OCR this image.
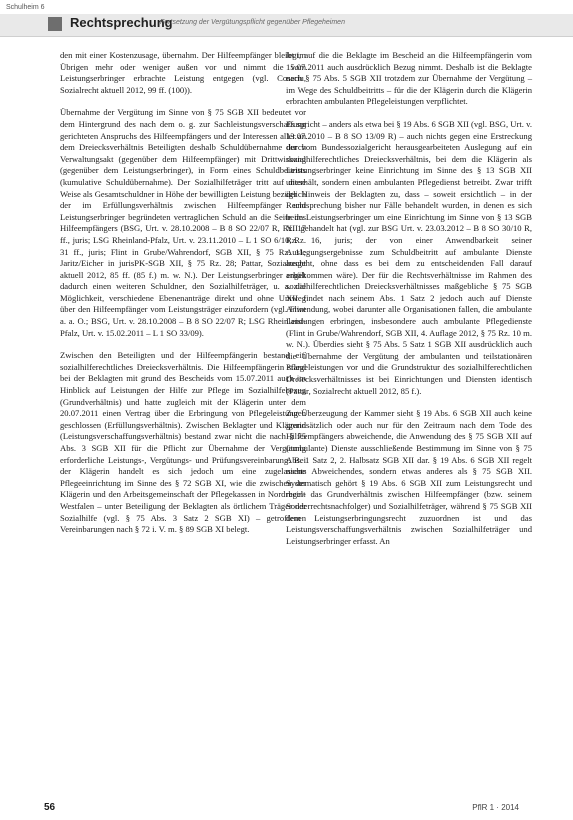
Schulheim 6
Rechtsprechung
Fortsetzung der Vergütungspflicht gegenüber Pflegeheimen

den mit einer Kostenzusage, übernahm. Der Hilfeempfänger bleibt im Übrigen mehr oder weniger außen vor und nimmt die vom Leistungserbringer erbrachte Leistung entgegen (vgl. Coseriu, Sozialrecht aktuell 2012, 99 ff. (100)).

Übernahme der Vergütung im Sinne von § 75 SGB XII bedeutet vor dem Hintergrund des nach dem o. g. zur Sachleistungsverschaffung gerichteten Anspruchs des Hilfeempfängers und der Interessen aller an dem Dreiecksverhältnis Beteiligten deshalb Schuldübernahme durch Verwaltungsakt (gegenüber dem Hilfeempfänger) mit Drittwirkung (gegenüber dem Leistungserbringer), in Form eines Schuldbeitritts (kumulative Schuldübernahme). Der Sozialhilfeträger tritt auf diese Weise als Gesamtschuldner in Höhe der bewilligten Leistung bezüglich der im Erfüllungsverhältnis zwischen Hilfeempfänger und Leistungserbringer begründeten vertraglichen Schuld an die Seite des Hilfeempfängers (BSG, Urt. v. 28.10.2008 – B 8 SO 22/07 R, Rz. 17 ff., juris; LSG Rheinland-Pfalz, Urt. v. 23.11.2010 – L 1 SO 6/10, Rz. 31 ff., juris; Flint in Grube/Wahrendorf, SGB XII, § 75 Rz. 11; Jaritz/Eicher in jurisPK-SGB XII, § 75 Rz. 28; Pattar, Sozialrecht aktuell 2012, 85 ff. (85 f.) m. w. N.). Der Leistungserbringer erhält dadurch einen weiteren Schuldner, den Sozialhilfeträger, u. a. die Möglichkeit, verschiedene Ebenenanträge direkt und ohne Umweg über den Hilfeempfänger vom Leistungsträger einzufordern (vgl. Flint a. a. O.; BSG, Urt. v. 28.10.2008 – B 8 SO 22/07 R; LSG Rheinland-Pfalz, Urt. v. 15.02.2011 – L 1 SO 33/09).

Zwischen den Beteiligten und der Hilfeempfängerin bestand ein sozialhilferechtliches Dreiecksverhältnis. Die Hilfeempfängerin stand bei der Beklagten mit grund des Bescheids vom 15.07.2011 auch im Hinblick auf Leistungen der Hilfe zur Pflege im Sozialhilfebezug (Grundverhältnis) und hatte zugleich mit der Klägerin unter dem 20.07.2011 einen Vertrag über die Erbringung von Pflegeleistungen geschlossen (Erfüllungsverhältnis). Zwischen Beklagter und Klägerin (Leistungsverschaffungsverhältnis) bestand zwar nicht die nach § 75 Abs. 3 SGB XII für die Pflicht zur Übernahme der Vergütung erforderliche Leistungs-, Vergütungs- und Prüfungsvereinbarung. Bei der Klägerin handelt es sich jedoch um eine zugelassene Pflegeeinrichtung im Sinne des § 72 SGB XI, wie die zwischen der Klägerin und den Arbeitsgemeinschaft der Pflegekassen in Nordrhein-Westfalen – unter Beteiligung der Beklagten als örtlichem Träger der Sozialhilfe (vgl. § 75 Abs. 3 Satz 2 SGB XI) – getroffenen Vereinbarungen nach § 72 i. V. m. § 89 SGB XI belegt.

legt, auf die die Beklagte im Bescheid an die Hilfeempfängerin vom 15.07.2011 auch ausdrücklich Bezug nimmt. Deshalb ist die Beklagte nach § 75 Abs. 5 SGB XII trotzdem zur Übernahme der Vergütung – im Wege des Schuldbeitritts – für die der Klägerin durch die Klägerin erbrachten ambulanten Pflegeleistungen verpflichtet.

Es spricht – anders als etwa bei § 19 Abs. 6 SGB XII (vgl. BSG, Urt. v. 13.07.2010 – B 8 SO 13/09 R) – auch nichts gegen eine Erstreckung der vom Bundessozialgericht herausgearbeiteten Auslegung auf ein sozialhilferechtliches Dreiecksverhältnis, bei dem die Klägerin als Leistungserbringer keine Einrichtung im Sinne des § 13 SGB XII unterhält, sondern einen ambulanten Pflegedienst betreibt. Zwar trifft der Hinweis der Beklagten zu, dass – soweit ersichtlich – in der Rechtsprechung bisher nur Fälle behandelt wurden, in denen es sich beim Leistungserbringer um eine Einrichtung im Sinne von § 13 SGB XII gehandelt hat (vgl. zur BSG Urt. v. 23.03.2012 – B 8 SO 30/10 R, Rz. 16, juris; der von einer Anwendbarkeit seiner Auslegungsergebnisse zum Schuldbeitritt auf ambulante Dienste ausgeht, ohne dass es bei dem zu entscheidenden Fall darauf angekommen wäre). Der für die Rechtsverhältnisse im Rahmen des sozialhilferechtlichen Dreiecksverhältnisses maßgebliche § 75 SGB XII findet nach seinem Abs. 1 Satz 2 jedoch auch auf Dienste Anwendung, wobei darunter alle Organisationen fallen, die ambulante Leistungen erbringen, insbesondere auch ambulante Pflegedienste (Flint in Grube/Wahrendorf, SGB XII, 4. Auflage 2012, § 75 Rz. 10 m. w. N.). Überdies sieht § 75 Abs. 5 Satz 1 SGB XII ausdrücklich auch die Übernahme der Vergütung der ambulanten und teilstationären Pflegeleistungen vor und die Grundstruktur des sozialhilferechtlichen Dreiecksverhältnisses ist bei Einrichtungen und Diensten identisch (Pattar, Sozialrecht aktuell 2012, 85 f.).

Zur Überzeugung der Kammer sieht § 19 Abs. 6 SGB XII auch keine grundsätzlich oder auch nur für den Zeitraum nach dem Tode des Hilfeempfängers abweichende, die Anwendung des § 75 SGB XII auf (ambulante) Dienste ausschließende Bestimmung im Sinne von § 75 Abs. 1 Satz 2, 2. Halbsatz SGB XII dar. § 19 Abs. 6 SGB XII regelt nichts Abweichendes, sondern etwas anderes als § 75 SGB XII. Systematisch gehört § 19 Abs. 6 SGB XII zum Leistungsrecht und regelt das Grundverhältnis zwischen Hilfeempfänger (bzw. seinem Sonderrechtsnachfolger) und Sozialhilfeträger, während § 75 SGB XII dem Leistungserbringungsrecht zuzuordnen ist und das Leistungsverschaffungsverhältnis zwischen Sozialhilfeträger und Leistungserbringer erfasst. An

56	PflR 1 · 2014
